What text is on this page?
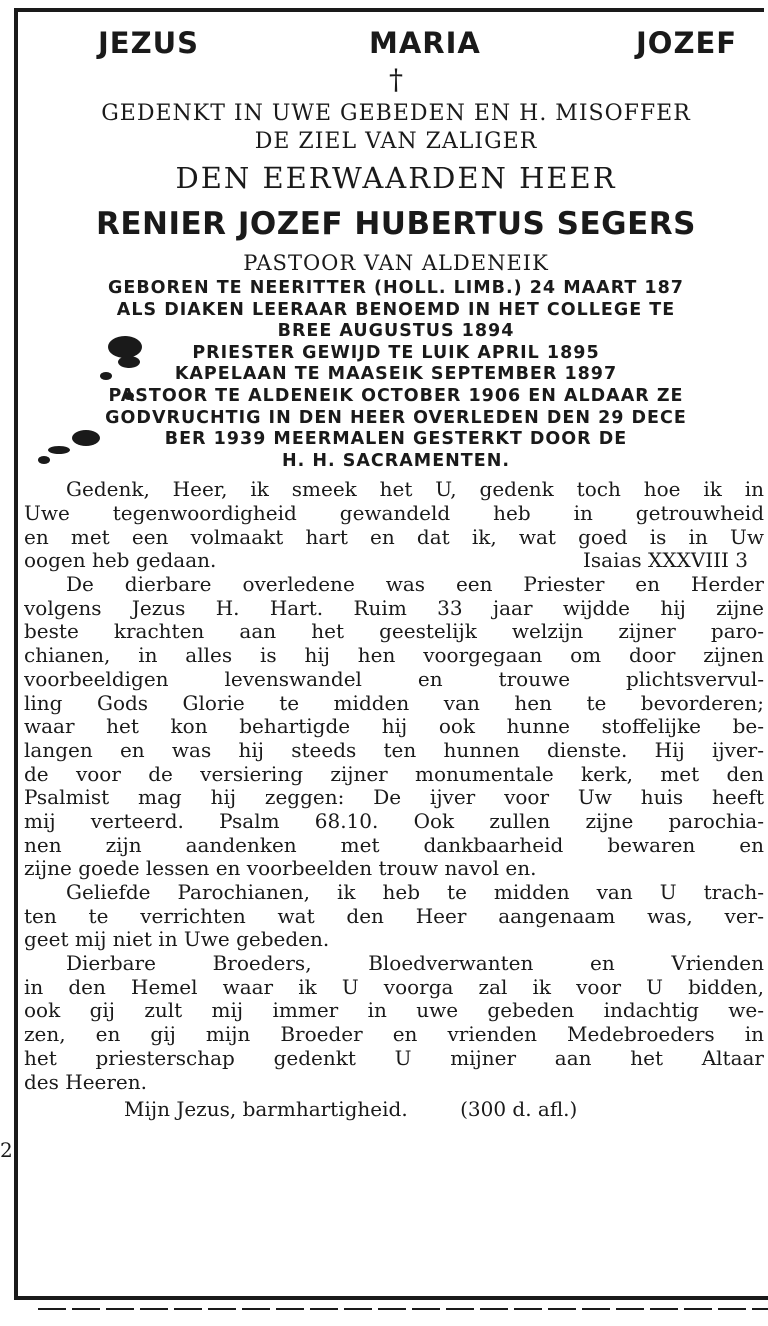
2
JEZUS	MARIA	JOZEF
†
GEDENKT IN UWE GEBEDEN EN H. MISOFFER
DE ZIEL VAN ZALIGER
DEN EERWAARDEN HEER
RENIER JOZEF HUBERTUS SEGERS
PASTOOR VAN ALDENEIK
GEBOREN TE NEERITTER (HOLL. LIMB.) 24 MAART 187
ALS DIAKEN LEERAAR BENOEMD IN HET COLLEGE TE
BREE AUGUSTUS 1894
PRIESTER GEWIJD TE LUIK APRIL 1895
KAPELAAN TE MAASEIK SEPTEMBER 1897
PASTOOR TE ALDENEIK OCTOBER 1906 EN ALDAAR ZE
GODVRUCHTIG IN DEN HEER OVERLEDEN DEN 29 DECE
BER 1939 MEERMALEN GESTERKT DOOR DE
H. H. SACRAMENTEN.
Gedenk, Heer, ik smeek het U, gedenk toch hoe ik in
Uwe tegenwoordigheid gewandeld heb in getrouwheid
en met een volmaakt hart en dat ik, wat goed is in Uw
oogen heb gedaan.	Isaias XXXVIII 3
De dierbare overledene was een Priester en Herder
volgens Jezus H. Hart. Ruim 33 jaar wijdde hij zijne
beste krachten aan het geestelijk welzijn zijner paro-
chianen, in alles is hij hen voorgegaan om door zijnen
voorbeeldigen levenswandel en trouwe plichtsvervul-
ling Gods Glorie te midden van hen te bevorderen;
waar het kon behartigde hij ook hunne stoffelijke be-
langen en was hij steeds ten hunnen dienste. Hij ijver-
de voor de versiering zijner monumentale kerk, met den
Psalmist mag hij zeggen: De ijver voor Uw huis heeft
mij verteerd. Psalm 68.10. Ook zullen zijne parochia-
nen zijn aandenken met dankbaarheid bewaren en
zijne goede lessen en voorbeelden trouw navol en.
Geliefde Parochianen, ik heb te midden van U trach-
ten te verrichten wat den Heer aangenaam was, ver-
geet mij niet in Uwe gebeden.
Dierbare Broeders, Bloedverwanten en Vrienden
in den Hemel waar ik U voorga zal ik voor U bidden,
ook gij zult mij immer in uwe gebeden indachtig we-
zen, en gij mijn Broeder en vrienden Medebroeders in
het priesterschap gedenkt U mijner aan het Altaar
des Heeren.
Mijn Jezus, barmhartigheid.	(300 d. afl.)
